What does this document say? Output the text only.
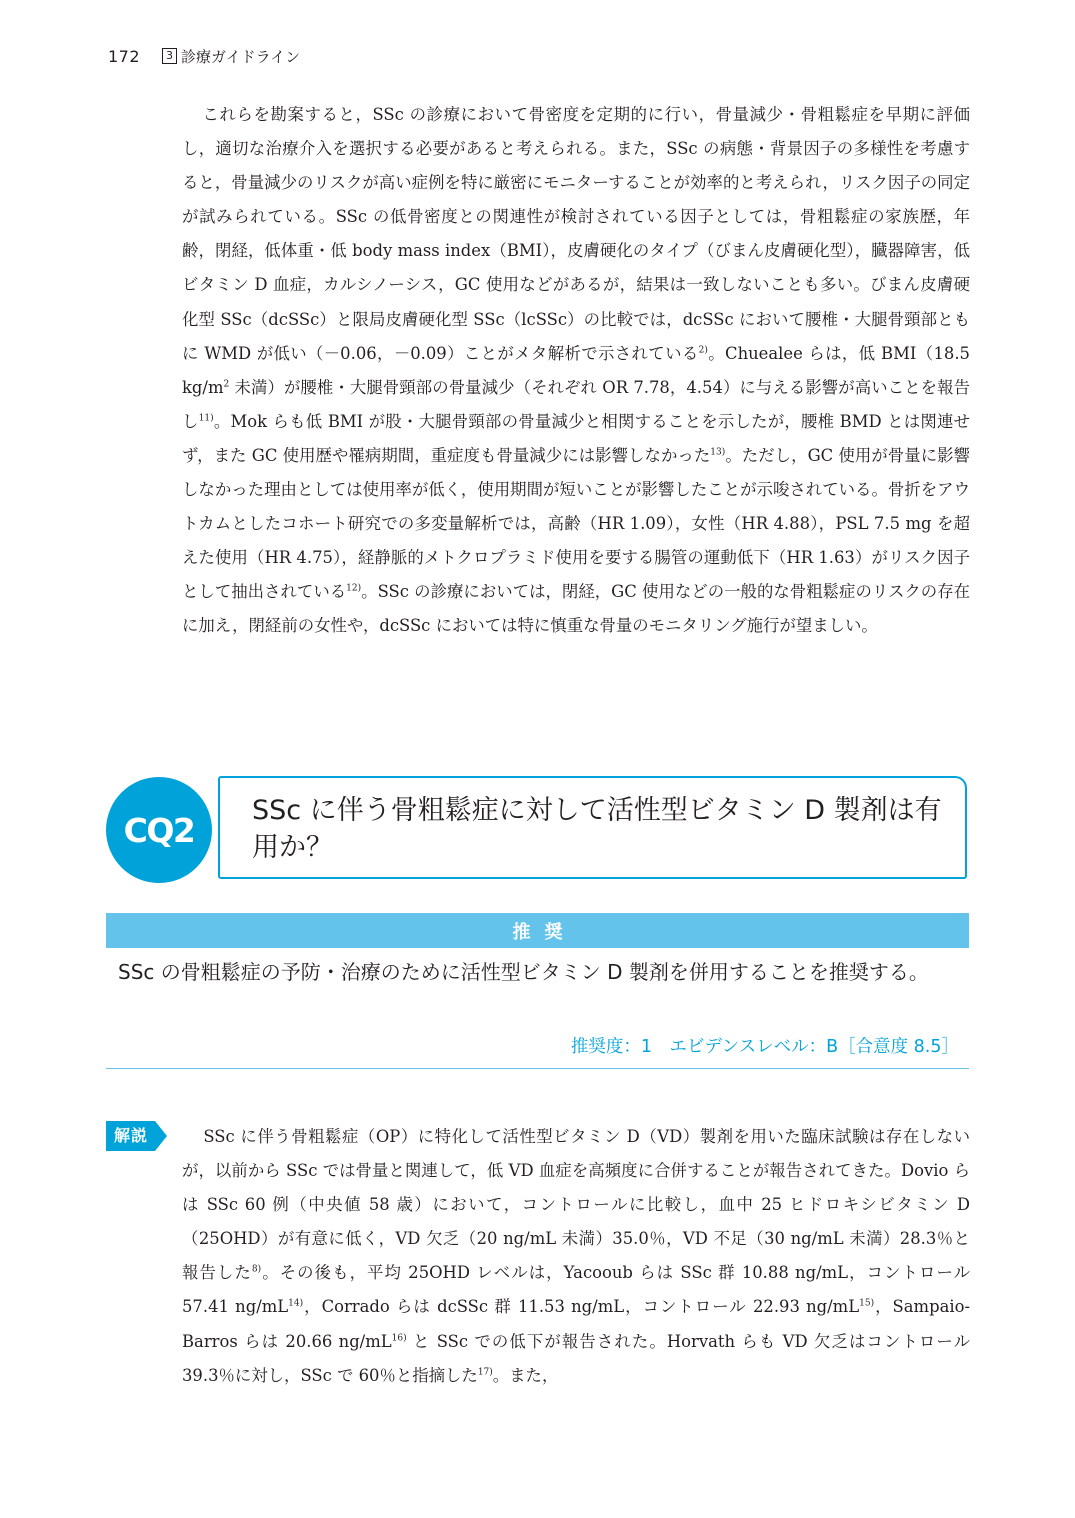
172	3 診療ガイドライン

これらを勘案すると，SSc の診療において骨密度を定期的に行い，骨量減少・骨粗鬆症を早期に評価し，適切な治療介入を選択する必要があると考えられる。また，SSc の病態・背景因子の多様性を考慮すると，骨量減少のリスクが高い症例を特に厳密にモニターすることが効率的と考えられ，リスク因子の同定が試みられている。SSc の低骨密度との関連性が検討されている因子としては，骨粗鬆症の家族歴，年齢，閉経，低体重・低 body mass index（BMI），皮膚硬化のタイプ（びまん皮膚硬化型），臓器障害，低ビタミン D 血症，カルシノーシス，GC 使用などがあるが，結果は一致しないことも多い。びまん皮膚硬化型 SSc（dcSSc）と限局皮膚硬化型 SSc（lcSSc）の比較では，dcSSc において腰椎・大腿骨頸部ともに WMD が低い（－0.06，－0.09）ことがメタ解析で示されている$^{2)}$。Chuealee らは，低 BMI（18.5 $kg/m^2$ 未満）が腰椎・大腿骨頸部の骨量減少（それぞれ OR 7.78，4.54）に与える影響が高いことを報告し$^{11)}$。Mok らも低 BMI が股・大腿骨頸部の骨量減少と相関することを示したが，腰椎 BMD とは関連せず，また GC 使用歴や罹病期間，重症度も骨量減少には影響しなかった$^{13)}$。ただし，GC 使用が骨量に影響しなかった理由としては使用率が低く，使用期間が短いことが影響したことが示唆されている。骨折をアウトカムとしたコホート研究での多変量解析では，高齢（HR 1.09），女性（HR 4.88），PSL 7.5 mg を超えた使用（HR 4.75），経静脈的メトクロプラミド使用を要する腸管の運動低下（HR 1.63）がリスク因子として抽出されている$^{12)}$。SSc の診療においては，閉経，GC 使用などの一般的な骨粗鬆症のリスクの存在に加え，閉経前の女性や，dcSSc においては特に慎重な骨量のモニタリング施行が望ましい。

SSc に伴う骨粗鬆症に対して活性型ビタミン D 製剤は有用か？

CQ2
推奨

SSc の骨粗鬆症の予防・治療のために活性型ビタミン D 製剤を併用することを推奨する。

推奨度：1　エビデンスレベル：B［合意度 8.5］
解説	SSc に伴う骨粗鬆症（OP）に特化して活性型ビタミン D（VD）製剤を用いた臨床試験は存在しないが，以前から SSc では骨量と関連して，低 VD 血症を高頻度に合併することが報告されてきた。Dovio らは SSc 60 例（中央値 58 歳）において，コントロールに比較し，血中 25 ヒドロキシビタミン D（25OHD）が有意に低く，VD 欠乏（20 ng/mL 未満）35.0％，VD 不足（30 ng/mL 未満）28.3％と報告した$^{8)}$。その後も，平均 25OHD レベルは，Yacooub らは SSc 群 10.88 ng/mL，コントロール 57.41 $ng/mL^{14)}$，Corrado らは dcSSc 群 11.53 ng/mL，コントロール 22.93 $ng/mL^{15)}$，Sampaio-Barros らは 20.66 $ng/mL^{16)}$ と SSc での低下が報告された。Horvath らも VD 欠乏はコントロール 39.3％に対し，SSc で 60％と指摘した$^{17)}$。また，
